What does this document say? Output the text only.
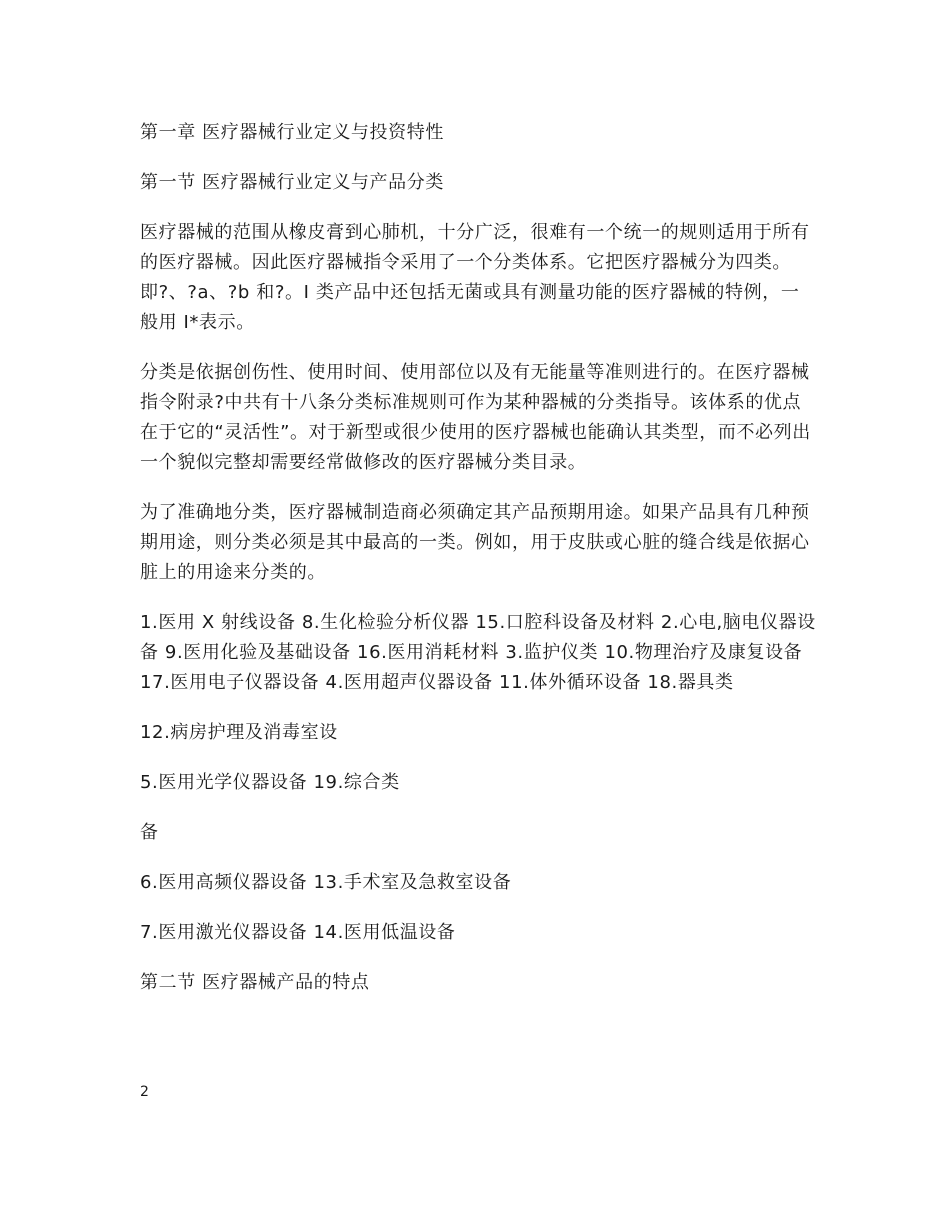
第一章 医疗器械行业定义与投资特性

第一节 医疗器械行业定义与产品分类

医疗器械的范围从橡皮膏到心肺机，十分广泛，很难有一个统一的规则适用于所有的医疗器械。因此医疗器械指令采用了一个分类体系。它把医疗器械分为四类。即?、?a、?b 和?。I 类产品中还包括无菌或具有测量功能的医疗器械的特例，一般用 I*表示。

分类是依据创伤性、使用时间、使用部位以及有无能量等准则进行的。在医疗器械指令附录?中共有十八条分类标准规则可作为某种器械的分类指导。该体系的优点在于它的“灵活性”。对于新型或很少使用的医疗器械也能确认其类型，而不必列出一个貌似完整却需要经常做修改的医疗器械分类目录。

为了准确地分类，医疗器械制造商必须确定其产品预期用途。如果产品具有几种预期用途，则分类必须是其中最高的一类。例如，用于皮肤或心脏的缝合线是依据心脏上的用途来分类的。

1.医用 X 射线设备 8.生化检验分析仪器 15.口腔科设备及材料 2.心电,脑电仪器设备 9.医用化验及基础设备 16.医用消耗材料 3.监护仪类 10.物理治疗及康复设备 17.医用电子仪器设备 4.医用超声仪器设备 11.体外循环设备 18.器具类

12.病房护理及消毒室设

5.医用光学仪器设备 19.综合类

备

6.医用高频仪器设备 13.手术室及急救室设备

7.医用激光仪器设备 14.医用低温设备

第二节 医疗器械产品的特点

2
